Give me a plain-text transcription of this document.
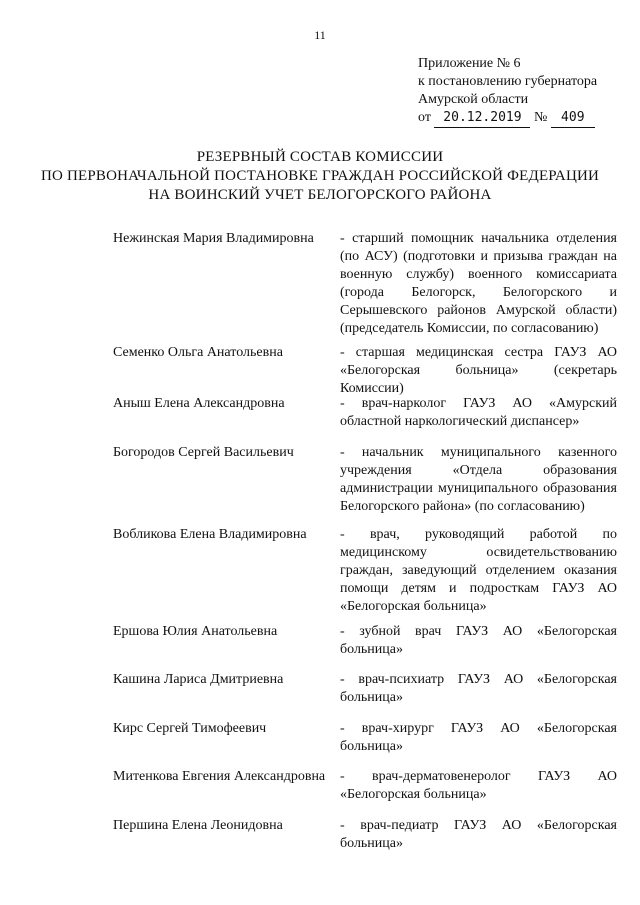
11
Приложение № 6
к постановлению губернатора
Амурской области
от 20.12.2019 № 409
РЕЗЕРВНЫЙ СОСТАВ КОМИССИИ
ПО ПЕРВОНАЧАЛЬНОЙ ПОСТАНОВКЕ ГРАЖДАН РОССИЙСКОЙ ФЕДЕРАЦИИ
НА ВОИНСКИЙ УЧЕТ БЕЛОГОРСКОГО РАЙОНА
Нежинская Мария Владимировна	- старший помощник начальника отделения (по АСУ) (подготовки и призыва граждан на военную службу) военного комиссариата (города Белогорск, Белогорского и Серышевского районов Амурской области) (председатель Комиссии, по согласованию)
Семенко Ольга Анатольевна	- старшая медицинская сестра ГАУЗ АО «Белогорская больница» (секретарь Комиссии)
Аныш Елена Александровна	- врач-нарколог ГАУЗ АО «Амурский областной наркологический диспансер»
Богородов Сергей Васильевич	- начальник муниципального казенного учреждения «Отдела образования администрации муниципального образования Белогорского района» (по согласованию)
Вобликова Елена Владимировна	- врач, руководящий работой по медицинскому освидетельствованию граждан, заведующий отделением оказания помощи детям и подросткам ГАУЗ АО «Белогорская больница»
Ершова Юлия Анатольевна	- зубной врач ГАУЗ АО «Белогорская больница»
Кашина Лариса Дмитриевна	- врач-психиатр ГАУЗ АО «Белогорская больница»
Кирс Сергей Тимофеевич	- врач-хирург ГАУЗ АО «Белогорская больница»
Митенкова Евгения Александровна	- врач-дерматовенеролог ГАУЗ АО «Белогорская больница»
Першина Елена Леонидовна	- врач-педиатр ГАУЗ АО «Белогорская больница»
